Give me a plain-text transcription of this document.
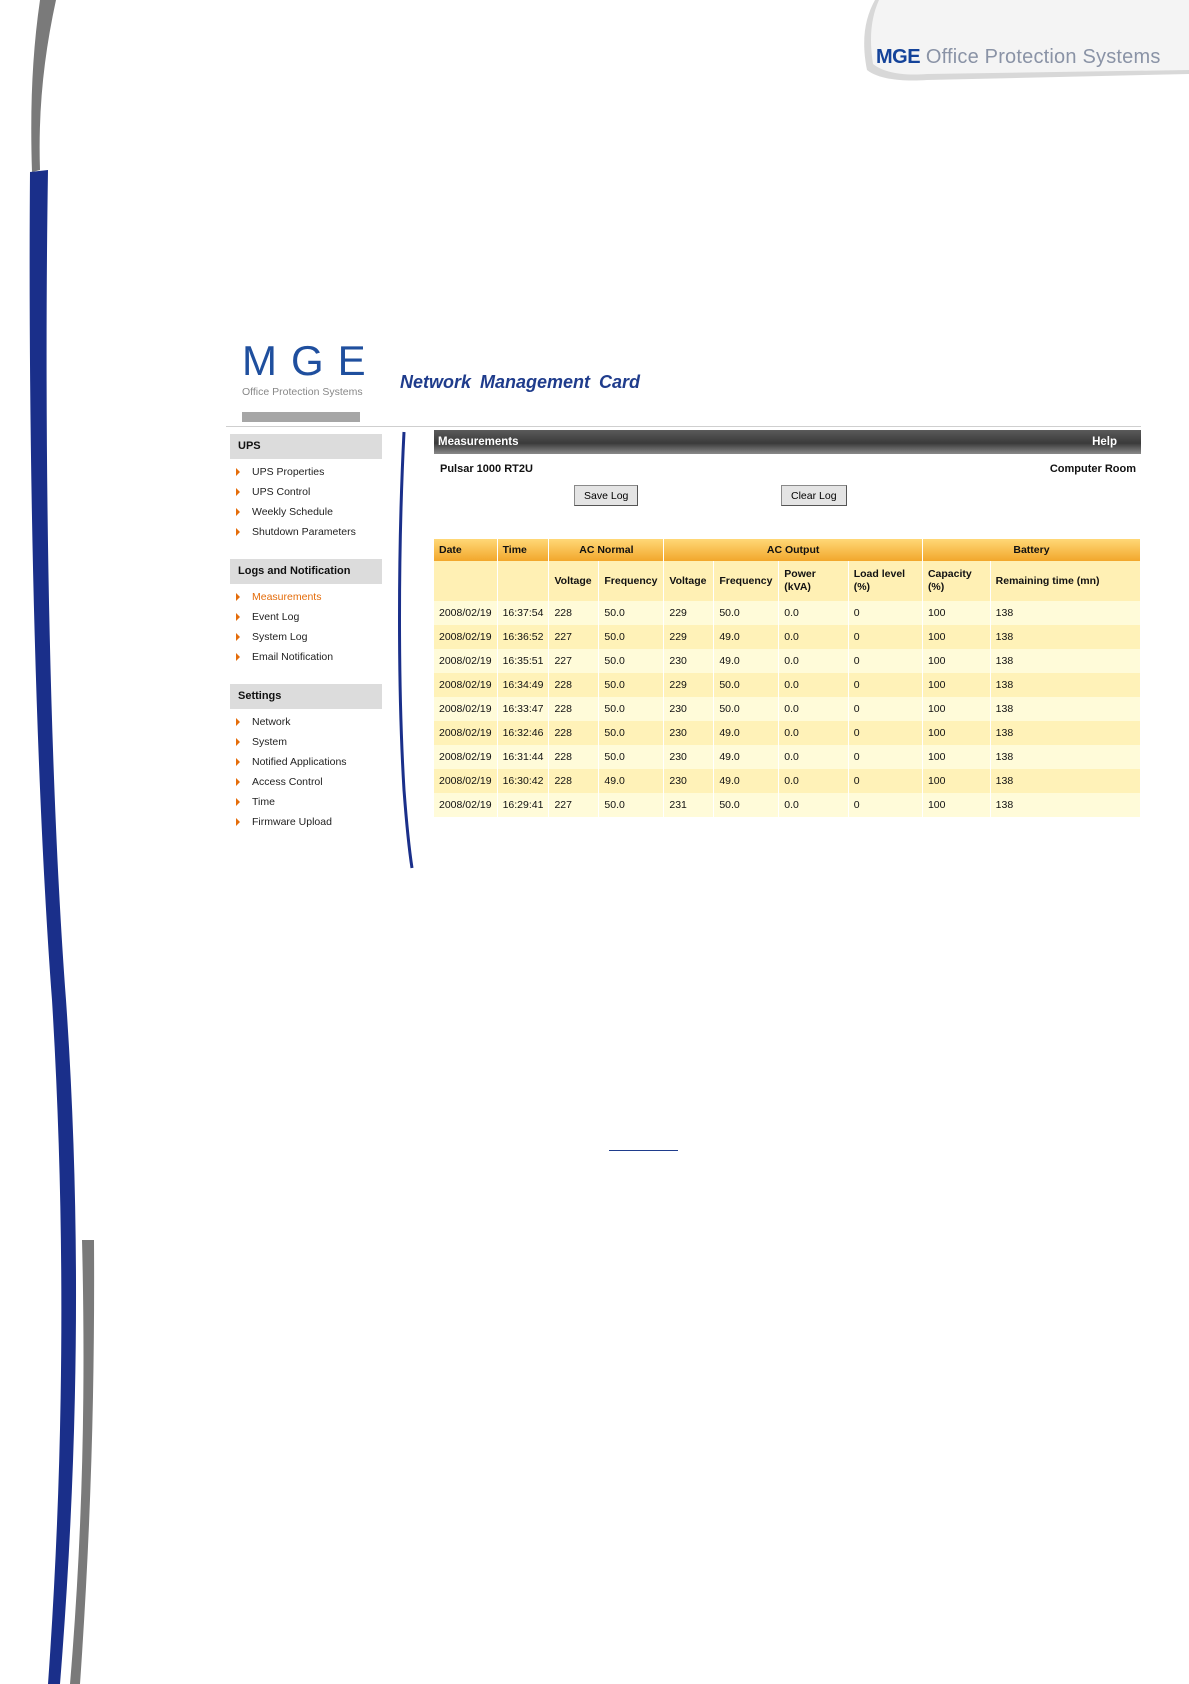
MGE Office Protection Systems
MGE
Office Protection Systems	Network Management Card
UPS
UPS Properties
UPS Control
Weekly Schedule
Shutdown Parameters
Logs and Notification
Measurements
Event Log
System Log
Email Notification
Settings
Network
System
Notified Applications
Access Control
Time
Firmware Upload
Measurements	Help
Pulsar 1000 RT2U	Computer Room
Save Log	Clear Log
Date	Time	AC Normal		AC Output				Battery	
		Voltage	Frequency	Voltage	Frequency	Power (kVA)	Load level (%)	Capacity (%)	Remaining time (mn)
2008/02/19	16:37:54	228	50.0	229	50.0	0.0	0	100	138
2008/02/19	16:36:52	227	50.0	229	49.0	0.0	0	100	138
2008/02/19	16:35:51	227	50.0	230	49.0	0.0	0	100	138
2008/02/19	16:34:49	228	50.0	229	50.0	0.0	0	100	138
2008/02/19	16:33:47	228	50.0	230	50.0	0.0	0	100	138
2008/02/19	16:32:46	228	50.0	230	49.0	0.0	0	100	138
2008/02/19	16:31:44	228	50.0	230	49.0	0.0	0	100	138
2008/02/19	16:30:42	228	49.0	230	49.0	0.0	0	100	138
2008/02/19	16:29:41	227	50.0	231	50.0	0.0	0	100	138
